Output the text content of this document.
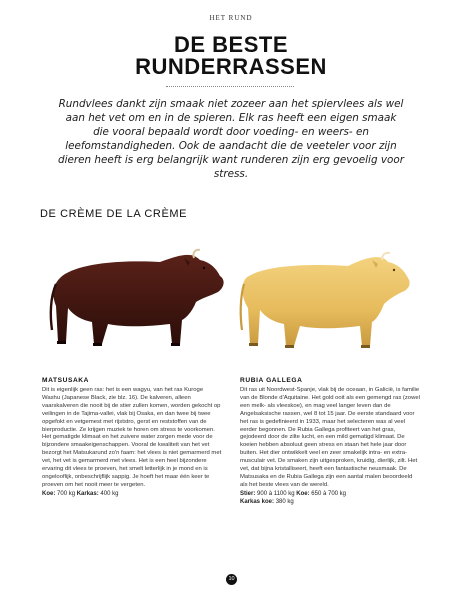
HET RUND
DE BESTE
RUNDERRASSEN
Rundvlees dankt zijn smaak niet zozeer aan het spiervlees als wel aan het vet om en in de spieren. Elk ras heeft een eigen smaak die vooral bepaald wordt door voeding- en weers- en leefomstandigheden. Ook de aandacht die de veeteler voor zijn dieren heeft is erg belangrijk want runderen zijn erg gevoelig voor stress.
DE CRÈME DE LA CRÈME
MATSUSAKA

Dit is eigenlijk geen ras: het is een wagyu, van het ras Kuroge Washu (Japanese Black, zie blz. 16). De kalveren, alleen vaarskalveren die nooit bij de stier zullen komen, worden gekocht op veilingen in de Tajima-vallei, vlak bij Osaka, en dan twee bij twee opgefokt en vetgemest met rijststro, gerst en reststoffen van de bierproductie. Ze krijgen muziek te horen om stress te voorkomen. Het gematigde klimaat en het zuivere water zorgen mede voor de bijzondere smaakeigenschappen. Vooral de kwaliteit van het vet bezorgt het Matsukarund zo'n faam: het vlees is niet gemarmerd met vet, het vet is gemarmerd met vlees. Het is een heel bijzondere ervaring dit vlees te proeven, het smelt letterlijk in je mond en is ongelooflijk, onbeschrijflijk sappig. Je hoeft het maar één keer te proeven om het nooit meer te vergeten.

Koe: 700 kg Karkas: 400 kg
RUBIA GALLEGA

Dit ras uit Noordwest-Spanje, vlak bij de oceaan, in Galicië, is familie van de Blonde d'Aquitaine. Het gold ooit als een gemengd ras (zowel een melk- als vleeskoe), en mag veel langer leven dan de Angelsaksische rassen, wel 8 tot 15 jaar. De eerste standaard voor het ras is gedefinieerd in 1933, maar het selecteren was al veel eerder begonnen. De Rubia Gallega profiteert van het gras, gejodeerd door de zilte lucht, en een mild gematigd klimaat. De koeien hebben absoluut geen stress en staan het hele jaar door buiten. Het dier ontwikkelt veel en zeer smakelijk intra- en extra-musculair vet. De smaken zijn uitgesproken, kruidig, dierlijk, zilt. Het vet, dat bijna kristalliseert, heeft een fantastische neusmaak. De Matsusaka en de Rubia Gallega zijn een aantal malen beoordeeld als het beste vlees van de wereld.

Stier: 900 à 1100 kg Koe: 650 à 700 kg
Karkas koe: 380 kg
10
